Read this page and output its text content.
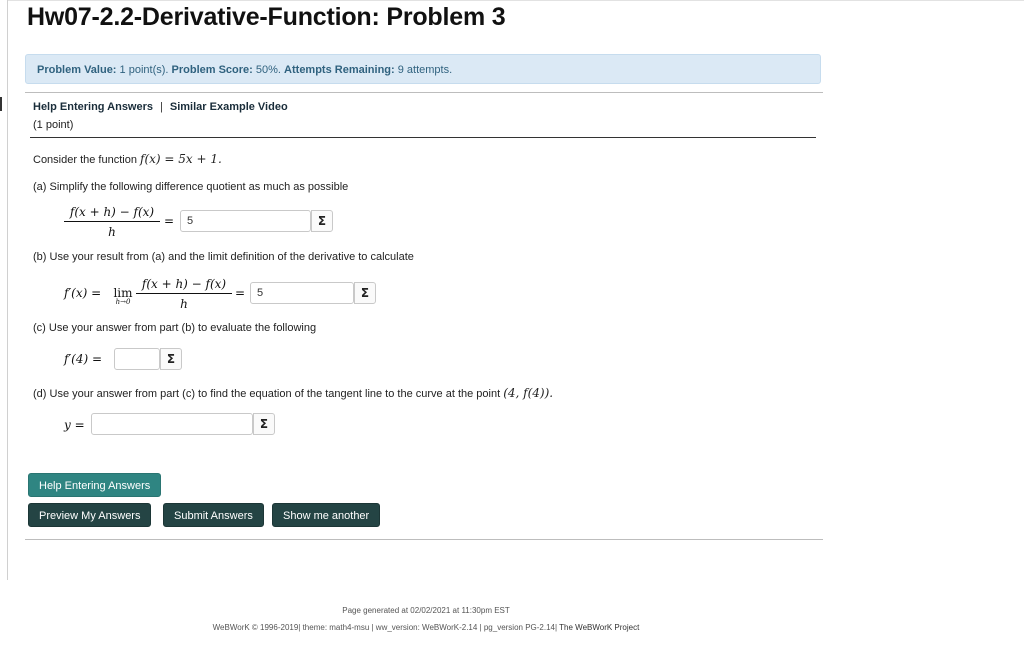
Hw07-2.2-Derivative-Function: Problem 3
Problem Value: 1 point(s). Problem Score: 50%. Attempts Remaining: 9 attempts.
Help Entering Answers | Similar Example Video
(1 point)
Consider the function f(x) = 5x + 1.
(a) Simplify the following difference quotient as much as possible
$\frac{f(x + h) - f(x)}{h}$ =	5	Σ
(b) Use your result from (a) and the limit definition of the derivative to calculate
f′(x) = lim
$h\to 0 \frac{f(x + h) - f(x)}{h}$ =	5	Σ
(c) Use your answer from part (b) to evaluate the following
f′(4) =	Σ
(d) Use your answer from part (c) to find the equation of the tangent line to the curve at the point (4, f(4)).
y =	Σ
Help Entering Answers
Preview My Answers	Submit Answers	Show me another
Page generated at 02/02/2021 at 11:30pm EST
WeBWorK © 1996-2019| theme: math4-msu | ww_version: WeBWorK-2.14 | pg_version PG-2.14| The WeBWorK Project
